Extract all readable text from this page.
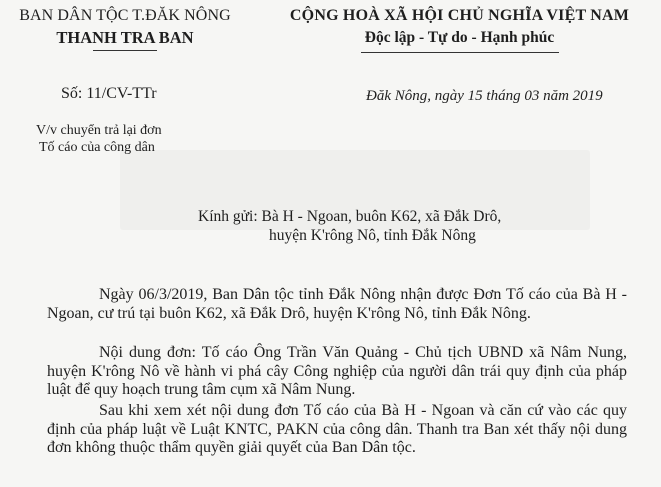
BAN DÂN TỘC T.ĐĂK NÔNG
THANH TRA BAN
CỘNG HOÀ XÃ HỘI CHỦ NGHĨA VIỆT NAM
Độc lập - Tự do - Hạnh phúc
Số: 11/CV-TTr	Đăk Nông, ngày 15 tháng 03 năm 2019
V/v chuyển trả lại đơn
Tố cáo của công dân
Kính gửi: Bà H - Ngoan, buôn K62, xã Đắk Drô,
huyện K'rông Nô, tỉnh Đắk Nông
Ngày 06/3/2019, Ban Dân tộc tỉnh Đắk Nông nhận được Đơn Tố cáo của Bà H - Ngoan, cư trú tại buôn K62, xã Đắk Drô, huyện K'rông Nô, tỉnh Đắk Nông.
Nội dung đơn: Tố cáo Ông Trần Văn Quảng - Chủ tịch UBND xã Nâm Nung, huyện K'rông Nô về hành vi phá cây Công nghiệp của người dân trái quy định của pháp luật để quy hoạch trung tâm cụm xã Nâm Nung.
Sau khi xem xét nội dung đơn Tố cáo của Bà H - Ngoan và căn cứ vào các quy định của pháp luật về Luật KNTC, PAKN của công dân. Thanh tra Ban xét thấy nội dung đơn không thuộc thẩm quyền giải quyết của Ban Dân tộc.
